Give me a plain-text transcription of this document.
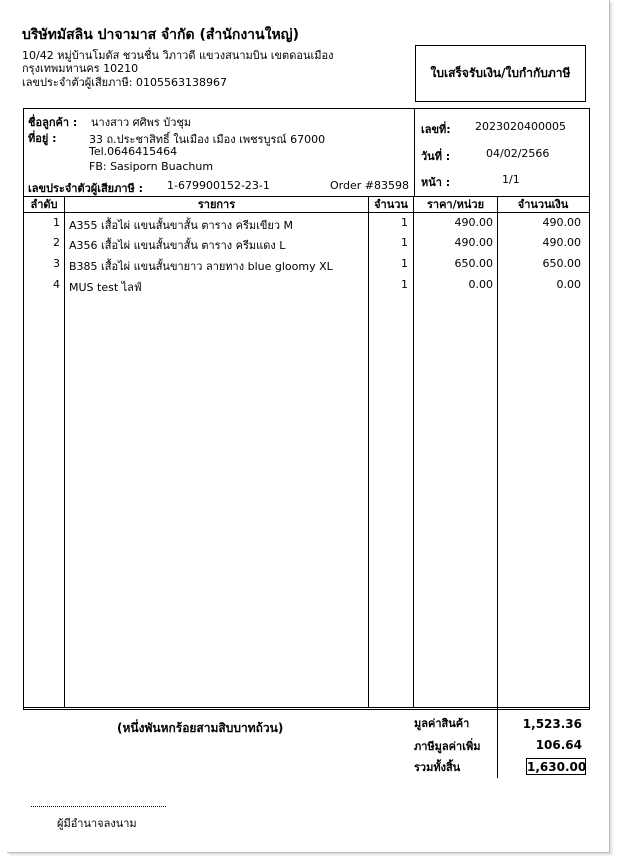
บริษัทมัสลิน ปาจามาส จำกัด (สำนักงานใหญ่)
10/42 หมู่บ้านโมดัส ชวนชื่น วิภาวดี แขวงสนามบิน เขตดอนเมือง
กรุงเทพมหานคร 10210
เลขประจำตัวผู้เสียภาษี: 0105563138967
ใบเสร็จรับเงิน/ใบกำกับภาษี
ชื่อลูกค้า : นางสาว ศศิพร บัวชุม
ที่อยู่ :	33 ถ.ประชาสิทธิ์ ในเมือง เมือง เพชรบูรณ์ 67000
Tel.0646415464
FB: Sasiporn Buachum
เลขประจำตัวผู้เสียภาษี : 1-679900152-23-1	Order #83598
เลขที่: 2023020400005
วันที่ :	04/02/2566
หน้า :	1/1
ลำดับ	รายการ	จำนวน	ราคา/หน่วย	จำนวนเงิน
1 A355 เสื้อไผ่ แขนสั้นขาสั้น ตาราง ครีมเขียว M	1	490.00	490.00
2 A356 เสื้อไผ่ แขนสั้นขาสั้น ตาราง ครีมแดง L	1	490.00	490.00
3 B385 เสื้อไผ่ แขนสั้นขายาว ลายทาง blue gloomy XL	1	650.00	650.00
4 MUS test ไลฟ์	1	0.00	0.00
(หนึ่งพันหกร้อยสามสิบบาทถ้วน)	มูลค่าสินค้า	1,523.36
ภาษีมูลค่าเพิ่ม	106.64
รวมทั้งสิ้น	1,630.00
ผู้มีอำนาจลงนาม
